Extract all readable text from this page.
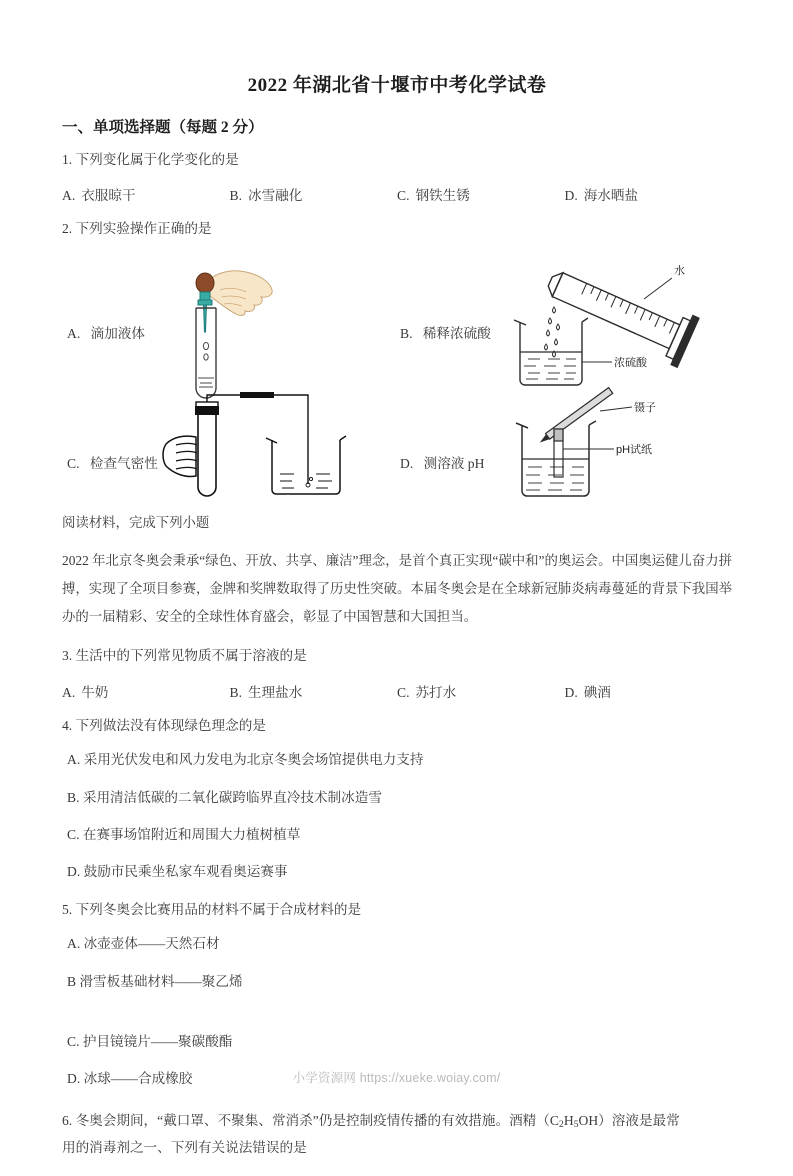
2022 年湖北省十堰市中考化学试卷
一、单项选择题（每题 2 分）
1. 下列变化属于化学变化的是
A. 衣服晾干	B. 冰雪融化	C. 钢铁生锈	D. 海水晒盐
2. 下列实验操作正确的是
A. 滴加液体	B. 稀释浓硫酸
水
浓硫酸
C. 检查气密性	D. 测溶液 pH
镊子
pH试纸
阅读材料，完成下列小题
2022 年北京冬奥会秉承“绿色、开放、共享、廉洁”理念，是首个真正实现“碳中和”的奥运会。中国奥运健儿奋力拼搏，实现了全项目参赛，金牌和奖牌数取得了历史性突破。本届冬奥会是在全球新冠肺炎病毒蔓延的背景下我国举办的一届精彩、安全的全球性体育盛会，彰显了中国智慧和大国担当。
3. 生活中的下列常见物质不属于溶液的是
A. 牛奶	B. 生理盐水	C. 苏打水	D. 碘酒
4. 下列做法没有体现绿色理念的是
A. 采用光伏发电和风力发电为北京冬奥会场馆提供电力支持
B. 采用清洁低碳的二氧化碳跨临界直冷技术制冰造雪
C. 在赛事场馆附近和周围大力植树植草
D. 鼓励市民乘坐私家车观看奥运赛事
5. 下列冬奥会比赛用品的材料不属于合成材料的是
A. 冰壶壶体——天然石材
B 滑雪板基础材料——聚乙烯
C. 护目镜镜片——聚碳酸酯
D. 冰球——合成橡胶
6. 冬奥会期间，“戴口罩、不聚集、常消杀”仍是控制疫情传播的有效措施。酒精$(C_2H_5OH)$溶液是最常
用的消毒剂之一、下列有关说法错误的是
小学资源网 https://xueke.woiay.com/
